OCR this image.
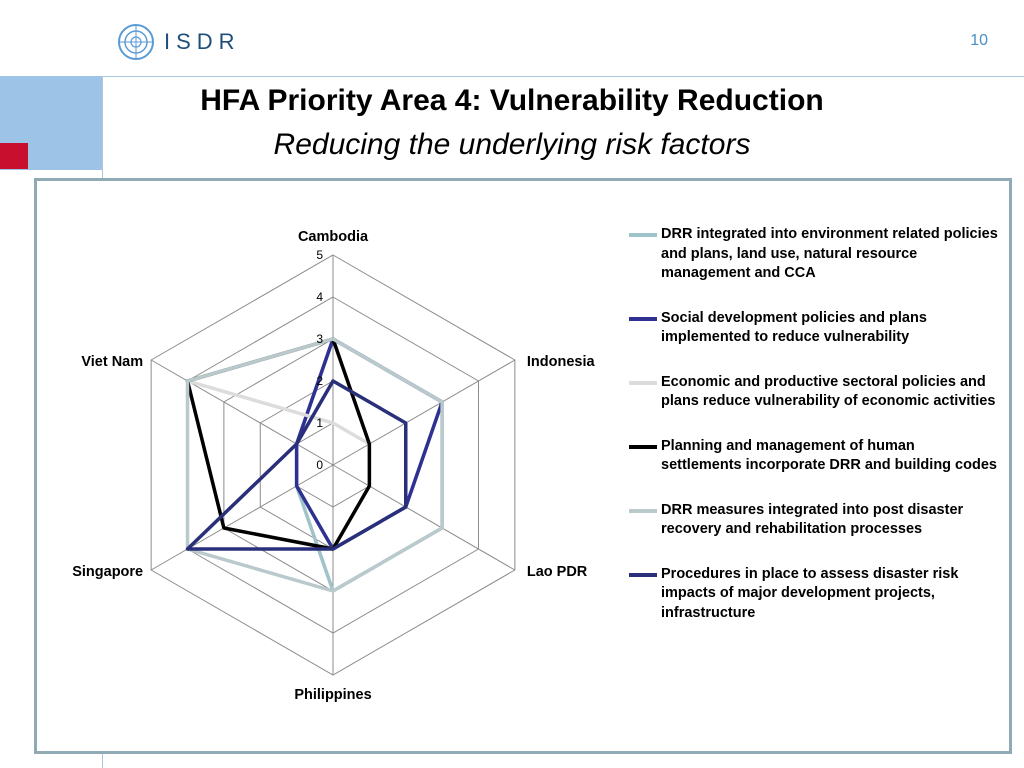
ISDR	10
HFA Priority Area 4: Vulnerability Reduction
Reducing the underlying risk factors
0
1
2
3
4
5
Cambodia
Indonesia
Lao PDR
Philippines
Singapore
Viet Nam
DRR integrated into environment related policies and plans, land use, natural resource management and CCA
Social development policies and plans implemented to reduce vulnerability
Economic and productive sectoral policies and plans reduce vulnerability of economic activities
Planning and management of human settlements incorporate DRR and building codes
DRR measures integrated into post disaster recovery and rehabilitation processes
Procedures in place to assess disaster risk impacts of major development projects, infrastructure
